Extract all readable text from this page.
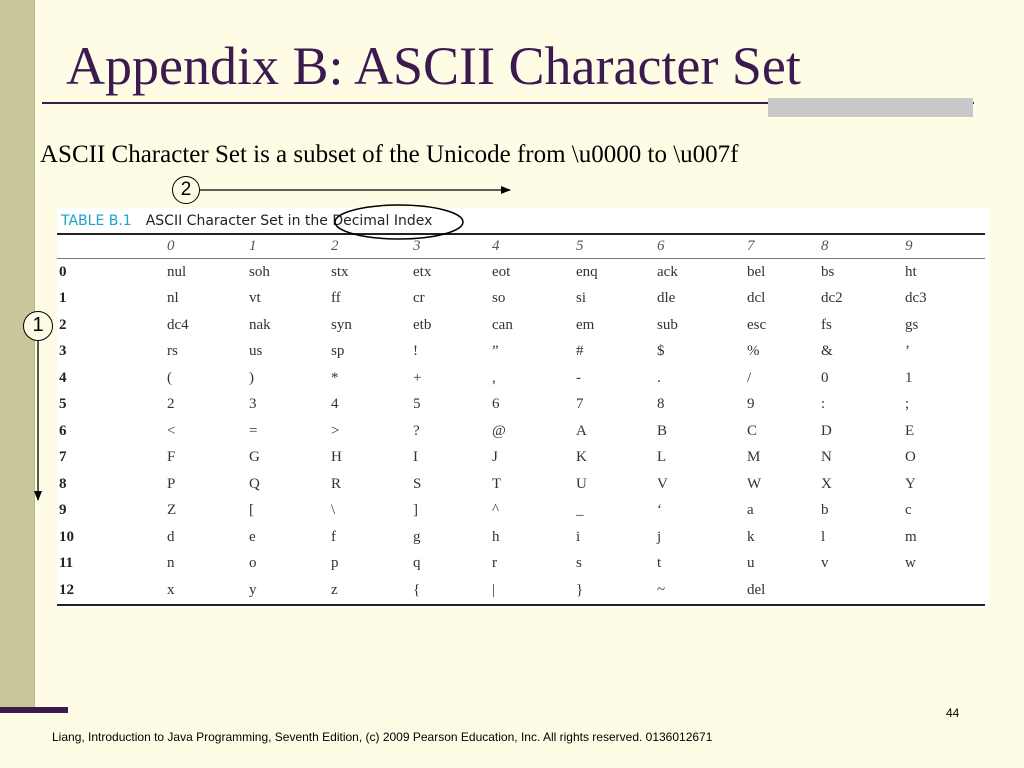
Appendix B: ASCII Character Set

ASCII Character Set is a subset of the Unicode from \u0000 to \u007f

2
1
TABLE B.1 ASCII Character Set in the Decimal Index
	0	1	2	3	4	5	6	7	8	9
0	nul	soh	stx	etx	eot	enq	ack	bel	bs	ht
1	nl	vt	ff	cr	so	si	dle	dcl	dc2	dc3
2	dc4	nak	syn	etb	can	em	sub	esc	fs	gs
3	rs	us	sp	!	”	#	$	%	&	’
4	(	)	*	+	,	-	.	/	0	1
5	2	3	4	5	6	7	8	9	:	;
6	<	=	>	?	@	A	B	C	D	E
7	F	G	H	I	J	K	L	M	N	O
8	P	Q	R	S	T	U	V	W	X	Y
9	Z	[	\	]	^	_	‘	a	b	c
10	d	e	f	g	h	i	j	k	l	m
11	n	o	p	q	r	s	t	u	v	w
12	x	y	z	{	|	}	~	del		
44
Liang, Introduction to Java Programming, Seventh Edition, (c) 2009 Pearson Education, Inc. All rights reserved. 0136012671
